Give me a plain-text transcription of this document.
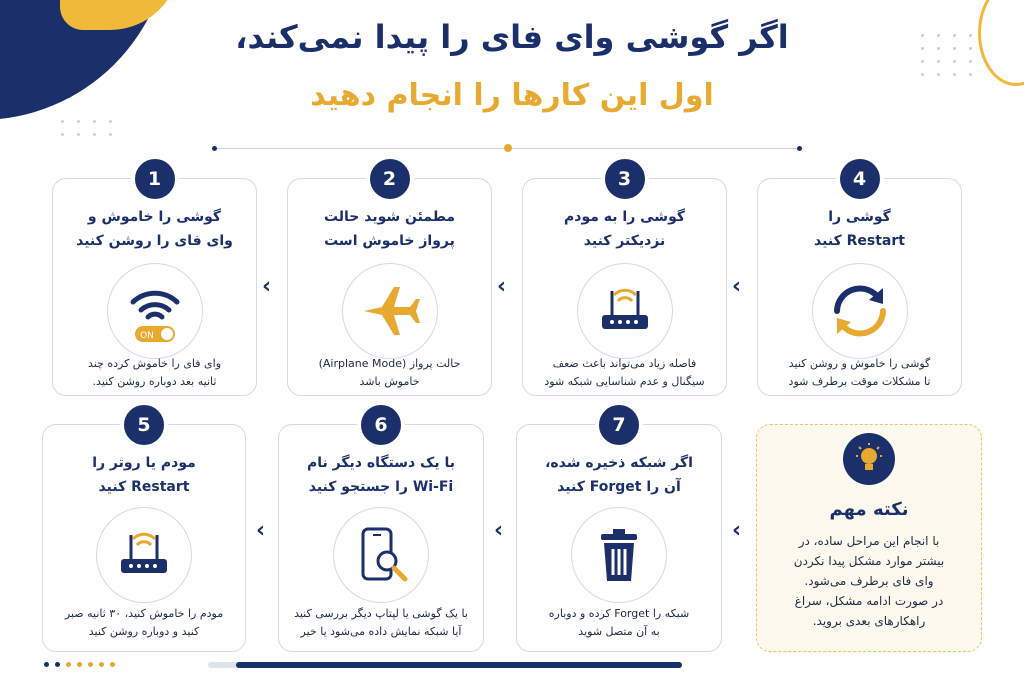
اگر گوشی وای فای را پیدا نمی‌کند،
اول این کارها را انجام دهید
1
گوشی را خاموش و
وای فای را روشن کنید
ON
وای فای را خاموش کرده چند
ثانیه بعد دوباره روشن کنید.
›
2
مطمئن شوید حالت
پرواز خاموش است
حالت پرواز (Airplane Mode)
خاموش باشد
›
3
گوشی را به مودم
نزدیکتر کنید
فاصله زیاد می‌تواند باعث ضعف
سیگنال و عدم شناسایی شبکه شود
›
4
گوشی را
Restart کنید
گوشی را خاموش و روشن کنید
تا مشکلات موقت برطرف شود
5
مودم یا روتر را
Restart کنید
مودم را خاموش کنید، ۳۰ ثانیه صبر
کنید و دوباره روشن کنید
›
6
با یک دستگاه دیگر نام
Wi-Fi را جستجو کنید
با یک گوشی یا لپتاپ دیگر بررسی کنید
آیا شبکه نمایش داده می‌شود یا خیر
›
7
اگر شبکه ذخیره شده،
آن را Forget کنید
شبکه را Forget کرده و دوباره
به آن متصل شوید
›
نکته مهم
با انجام این مراحل ساده، در
بیشتر موارد مشکل پیدا نکردن
وای فای برطرف می‌شود.
در صورت ادامه مشکل، سراغ
راهکارهای بعدی بروید.
